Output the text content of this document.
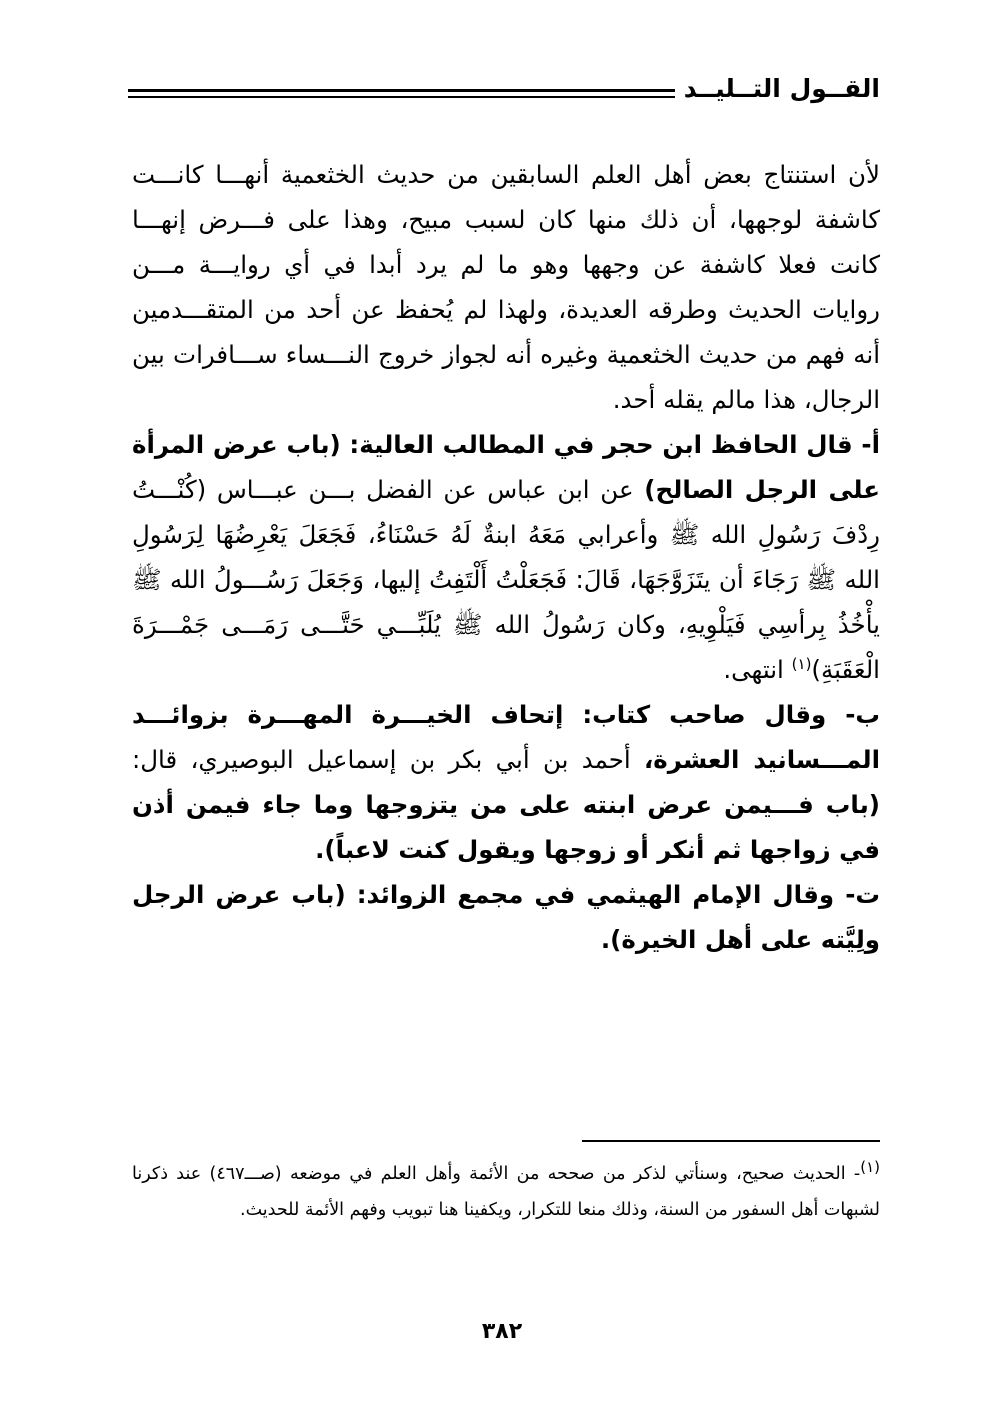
القــول التــليــد

لأن استنتاج بعض أهل العلم السابقين من حديث الخثعمية أنهـــا كانـــت كاشفة لوجهها، أن ذلك منها كان لسبب مبيح، وهذا على فـــرض إنهـــا كانت فعلا كاشفة عن وجهها وهو ما لم يرد أبدا في أي روايـــة مـــن روايات الحديث وطرقه العديدة، ولهذا لم يُحفظ عن أحد من المتقـــدمين أنه فهم من حديث الخثعمية وغيره أنه لجواز خروج النـــساء ســـافرات بين الرجال، هذا مالم يقله أحد.

أ- قال الحافظ ابن حجر في المطالب العالية: (باب عرض المرأة على الرجل الصالح) عن ابن عباس عن الفضل بـــن عبـــاس (كُنْـــتُ رِدْفَ رَسُولِ الله ﷺ وأعرابي مَعَهُ ابنةٌ لَهُ حَسْنَاءُ، فَجَعَلَ يَعْرِضُهَا لِرَسُولِ الله ﷺ رَجَاءَ أن يتَزَوَّجَهَا، قَالَ: فَجَعَلْتُ أَلْتَفِتُ إليها، وَجَعَلَ رَسُـــولُ الله ﷺ يأْخُذُ بِرأسِي فَيَلْوِيهِ، وكان رَسُولُ الله ﷺ يُلَبِّـــي حَتَّـــى رَمَـــى جَمْـــرَةَ الْعَقَبَةِ)$^{(١)}$ انتهى.

ب- وقال صاحب كتاب: إتحاف الخيـــرة المهـــرة بزوائـــد المـــسانيد العشرة، أحمد بن أبي بكر بن إسماعيل البوصيري، قال: (باب فـــيمن عرض ابنته على من يتزوجها وما جاء فيمن أذن في زواجها ثم أنكر أو زوجها ويقول كنت لاعباً).

ت- وقال الإمام الهيثمي في مجمع الزوائد: (باب عرض الرجل ولِيَّته على أهل الخيرة).

$^{(١)}$- الحديث صحيح، وسنأتي لذكر من صححه من الأئمة وأهل العلم في موضعه (صـــ٤٦٧) عند ذكرنا لشبهات أهل السفور من السنة، وذلك منعا للتكرار، ويكفينا هنا تبويب وفهم الأئمة للحديث.

٣٨٢
